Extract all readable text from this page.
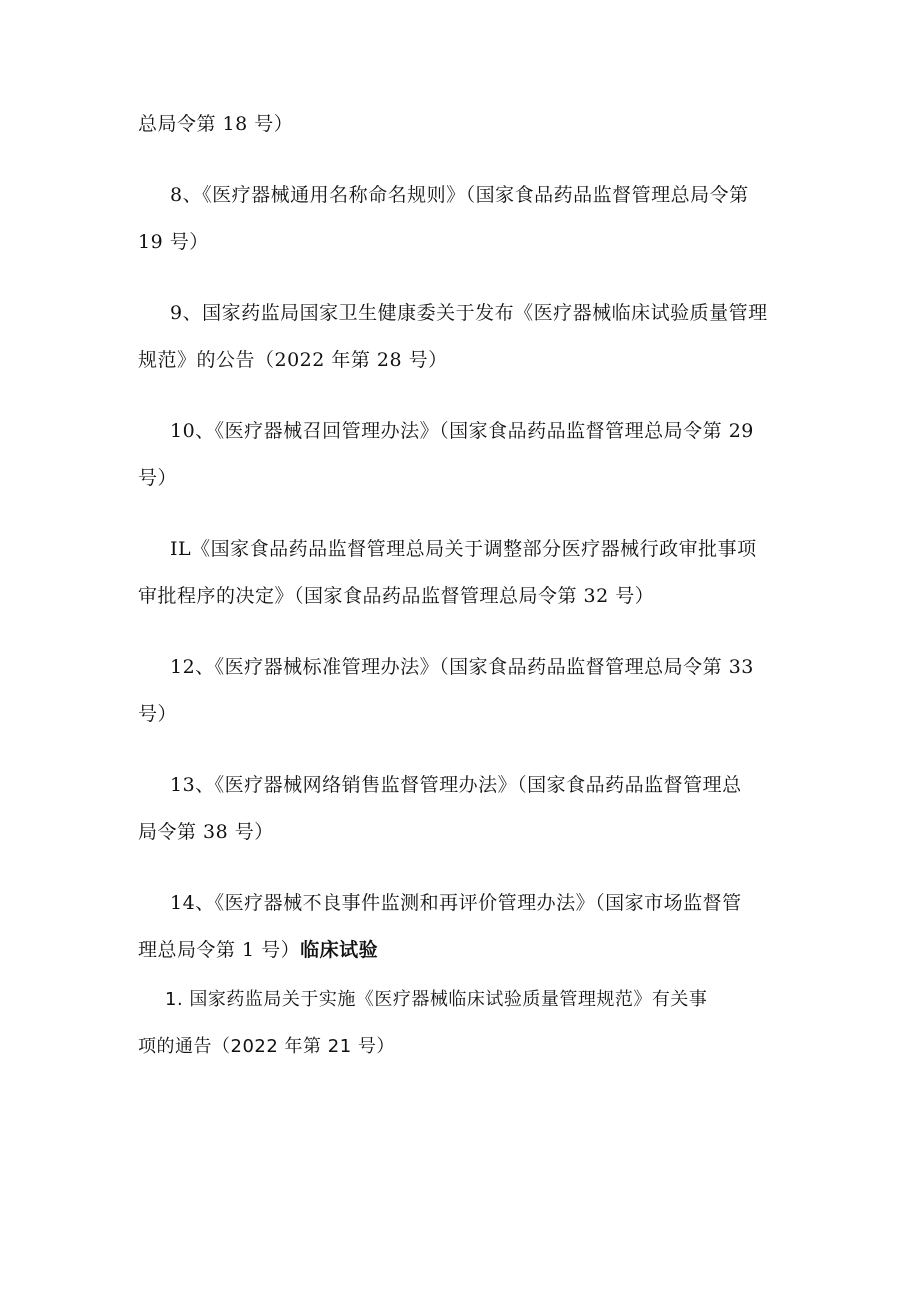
总局令第 18 号）
8、《医疗器械通用名称命名规则》（国家食品药品监督管理总局令第
19 号）
9、国家药监局国家卫生健康委关于发布《医疗器械临床试验质量管理
规范》的公告（2022 年第 28 号）
10、《医疗器械召回管理办法》（国家食品药品监督管理总局令第 29
号）
IL《国家食品药品监督管理总局关于调整部分医疗器械行政审批事项
审批程序的决定》（国家食品药品监督管理总局令第 32 号）
12、《医疗器械标准管理办法》（国家食品药品监督管理总局令第 33
号）
13、《医疗器械网络销售监督管理办法》（国家食品药品监督管理总
局令第 38 号）
14、《医疗器械不良事件监测和再评价管理办法》（国家市场监督管
理总局令第 1 号）临床试验
1. 国家药监局关于实施《医疗器械临床试验质量管理规范》有关事
项的通告（2022 年第 21 号）
